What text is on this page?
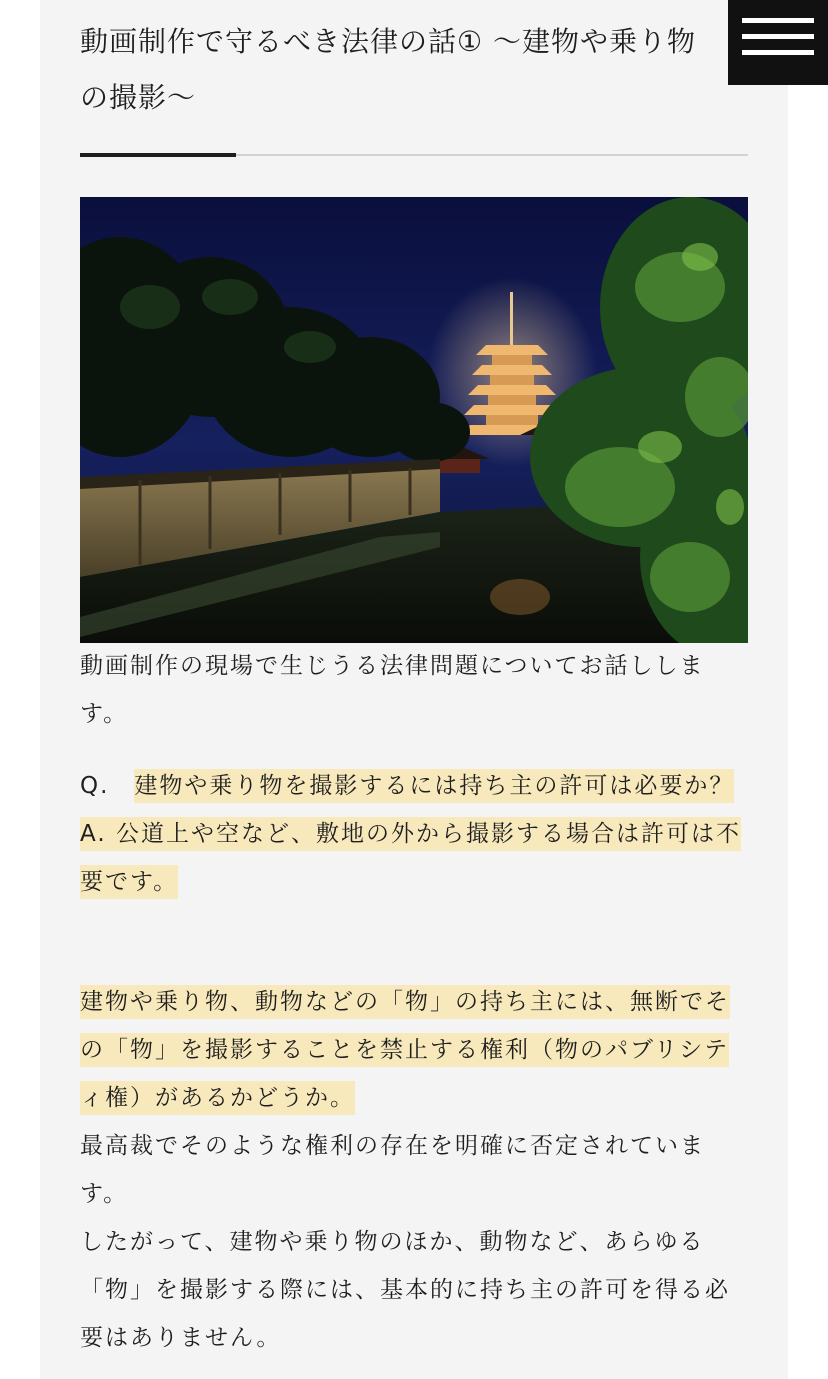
動画制作で守るべき法律の話① 〜建物や乗り物
の撮影〜

動画制作の現場で生じうる法律問題についてお話しします。

Q.　 建物や乗り物を撮影するには持ち主の許可は必要か？
A. 公道上や空など、敷地の外から撮影する場合は許可は不要です。

建物や乗り物、動物などの「物」の持ち主には、無断でその「物」を撮影することを禁止する権利（物のパブリシティ権）があるかどうか。

最高裁でそのような権利の存在を明確に否定されています。

したがって、建物や乗り物のほか、動物など、あらゆる「物」を撮影する際には、基本的に持ち主の許可を得る必要はありません。
